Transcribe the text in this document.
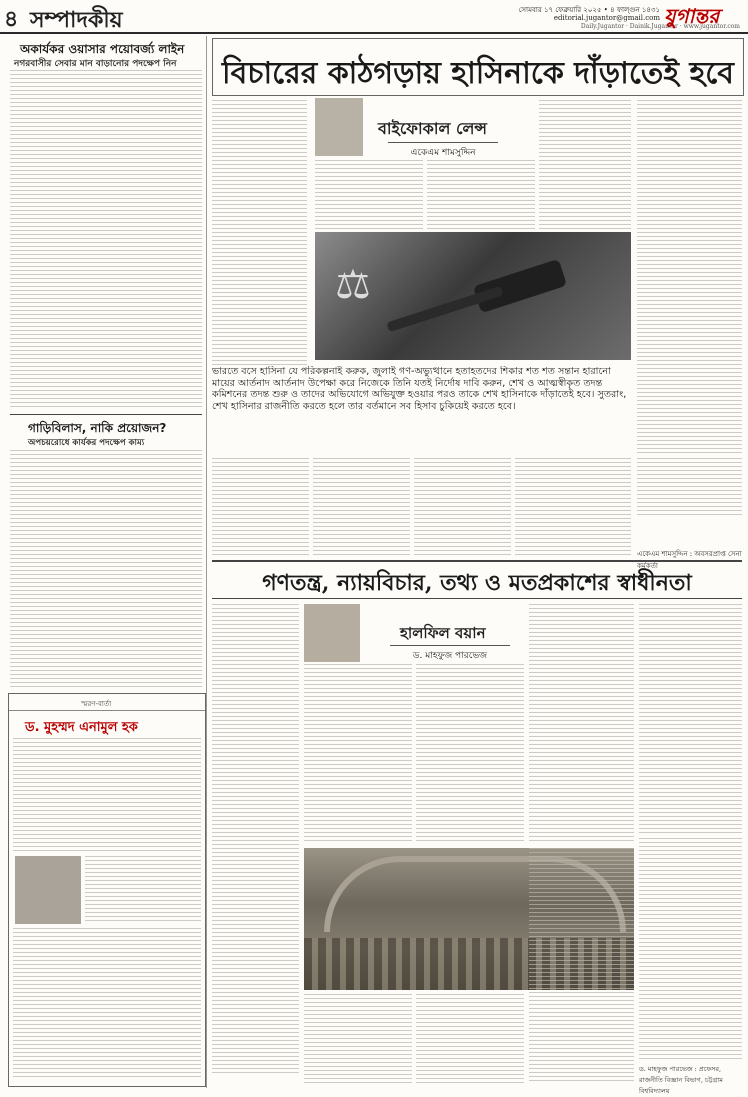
৪ সম্পাদকীয়	সোমবার ১৭ ফেব্রুয়ারি ২০২৫ • ৪ ফাল্গুন ১৪৩১
editorial.jugantor@gmail.com
Daily.Jugantor · Dainik.Jugantor · www.jugantor.com
যুগান্তর
অকার্যকর ওয়াসার পয়োবর্জ্য লাইন
নগরবাসীর সেবার মান বাড়ানোর পদক্ষেপ নিন
গাড়িবিলাস, নাকি প্রয়োজন?
অপচয়রোধে কার্যকর পদক্ষেপ কাম্য
স্মরণ-বার্তা
ড. মুহম্মদ এনামুল হক
বিচারের কাঠগড়ায় হাসিনাকে দাঁড়াতেই হবে
বাইফোকাল লেন্স
একেএম শামসুদ্দিন
⚖
ভারতে বসে হাসিনা যে পরিকল্পনাই করুক, জুলাই গণ-অভ্যুত্থানে হতাহতদের শিকার শত শত সন্তান হারানো মায়ের আর্তনাদ আর্তনাদ উপেক্ষা করে নিজেকে তিনি যতই নির্দোষ দাবি করুন, শেখ ও আত্মস্বীকৃত তদন্ত কমিশনের তদন্ত শুরু ও তাদের অভিযোগে অভিযুক্ত হওয়ার পরও তাকে শেখ হাসিনাকে দাঁড়াতেই হবে। সুতরাং, শেখ হাসিনার রাজনীতি করতে হলে তার বর্তমানে সব হিসাব চুকিয়েই করতে হবে।
একেএম শামসুদ্দিন : অবসরপ্রাপ্ত সেনা কর্মকর্তা
গণতন্ত্র, ন্যায়বিচার, তথ্য ও মতপ্রকাশের স্বাধীনতা
হালফিল বয়ান
ড. মাহফুজ পারভেজ
ড. মাহফুজ পারভেজ : প্রফেসর, রাজনীতি বিজ্ঞান বিভাগ, চট্টগ্রাম বিশ্ববিদ্যালয়
